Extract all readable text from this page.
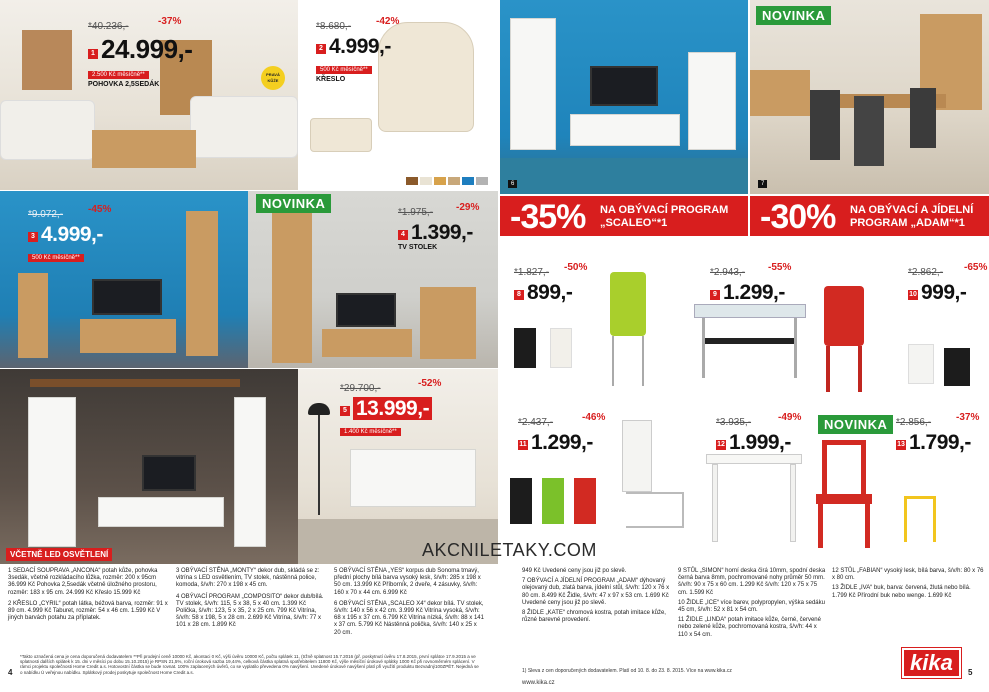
PRAVÁ KŮŽE
*40.236,-	-37%
1 24.999,-
2.500 Kč měsíčně**
POHOVKA 2,5SEDÁK
*8.680,- -42%
2 4.999,-
500 Kč měsíčně**
KŘESLO
*9.072,- -45%
3 4.999,-
500 Kč měsíčně**
NOVINKA
*1.975,- -29%
4 1.399,-
TV STOLEK
VČETNĚ LED OSVĚTLENÍ
*29.700,-	-52%
5 13.999,-
1.400 Kč měsíčně**
1 SEDACÍ SOUPRAVA „ANCONA“ potah kůže, pohovka 3sedák, včetně rozkládacího lůžka, rozměr: 200 x 95cm 36.999 Kč Pohovka 2,5sedák včetně úložného prostoru, rozměr: 183 x 95 cm. 24.999 Kč Křeslo 15.999 Kč
2 KŘESLO „CYRIL“ potah látka, béžová barva, rozměr: 91 x 89 cm. 4.999 Kč Taburet, rozměr: 54 x 46 cm. 1.599 Kč V jiných barvách potahu za příplatek.
3 OBÝVACÍ STĚNA „MONTY“ dekor dub, skládá se z: vitrína s LED osvětlením, TV stolek, nástěnná police, komoda, š/v/h: 270 x 198 x 45 cm.
4 OBÝVACÍ PROGRAM „COMPOSITO“ dekor dub/bílá. TV stolek, š/v/h: 115, 5 x 38, 5 x 40 cm. 1.399 Kč Polička, š/v/h: 123, 5 x 35, 2 x 25 cm. 799 Kč Vitrína, š/v/h: 58 x 198, 5 x 28 cm. 2.699 Kč Vitrína, š/v/h: 77 x 101 x 28 cm. 1.899 Kč
5 OBÝVACÍ STĚNA „YES“ korpus dub Sonoma tmavý, přední plochy bílá barva vysoký lesk, š/v/h: 285 x 198 x 50 cm. 13.999 Kč Příborník, 2 dveře, 4 zásuvky, š/v/h: 160 x 70 x 44 cm. 6.999 Kč
6 OBÝVACÍ STĚNA „SCALEO X4“ dekor bílá. TV stolek, š/v/h: 140 x 56 x 42 cm. 3.999 Kč Vitrína vysoká, š/v/h: 68 x 195 x 37 cm. 6.799 Kč Vitrína nízká, š/v/h: 88 x 141 x 37 cm. 5.799 Kč Nástěnná polička, š/v/h: 140 x 25 x 20 cm.
*Takto označená cena je cena doporučená dodavatelem **Při prodejní ceně 10000 Kč, akontaci 0 Kč, výši úvěru 10000 Kč, počtu splátek 11, (tržně splatnost 15.7.2016 (př. poskytnutí úvěru 17.8.2015, první splátce 17.9.2015 a ve splatnosti dalších splátek k 15. dni v měsíci po dobu 15.10.2015) je RPSN 21,5%, roční úroková sazba 19,44%, celková částka splatná spotřebitelem 11800 Kč, výše měsíční úrokové splátky 1000 Kč při rovnoměrném splácení. V rámci projektu společnosti Home Credit a.s. Hotovostní částka se bude rovnat. 100% zaplacených úvěrů, co se vyplatilo převedena 0% navýšení. Uvedené úrokové navýšení platí při využití produktu Bezvadný100ZPĚT. Nejedná se o nabídku Ú veřejnou nabídku. Splátkový prodej poskytuje společnost Home Credit a.s.
4
6
NOVINKA
7
-35% NA OBÝVACÍ PROGRAM „SCALEO“*1	-30% NA OBÝVACÍ A JÍDELNÍ PROGRAM „ADAM“*1
*1.827,- -50%
8 899,-
*2.943,- -55%
9 1.299,-
*2.862,- -65%
10 999,-
*2.437,-	-46%
11 1.299,-
*3.935,-	-49%
12 1.999,-
NOVINKA *2.856,- -37%
13 1.799,-
AKCNILETAKY.COM
949 Kč Uvedené ceny jsou již po slevě.
7 OBÝVACÍ A JÍDELNÍ PROGRAM „ADAM“ dýhovaný olejovaný dub, zlatá barva, jídelní stůl, š/v/h: 120 x 76 x 80 cm. 8.499 Kč Židle, š/v/h: 47 x 97 x 53 cm. 1.699 Kč Uvedené ceny jsou již po slevě.
8 ŽIDLE „KATE“ chromová kostra, potah imitace kůže, různé barevné provedení.
9 STŮL „SIMON“ horní deska čirá 10mm, spodní deska černá barva 8mm, pochromované nohy průměr 50 mm. š/v/h: 90 x 75 x 60 cm. 1.299 Kč š/v/h: 120 x 75 x 75 cm. 1.599 Kč
10 ŽIDLE „ICE“ více barev, polypropylen, výška sedáku 45 cm, š/v/h: 52 x 81 x 54 cm.
11 ŽIDLE „LINDA“ potah imitace kůže, černé, červené nebo zelené kůže, pochromovaná kostra, š/v/h: 44 x 110 x 54 cm.
12 STŮL „FABIAN“ vysoký lesk, bílá barva, š/v/h: 80 x 76 x 80 cm.
13 ŽIDLE „IVA“ buk, barva: červená, žlutá nebo bílá. 1.799 Kč Přírodní buk nebo wenge. 1.699 Kč
1) Sleva z cen doporučených dodavatelem. Platí od 10. 8. do 23. 8. 2015. Více na www.kika.cz
www.kika.cz
kika	5
